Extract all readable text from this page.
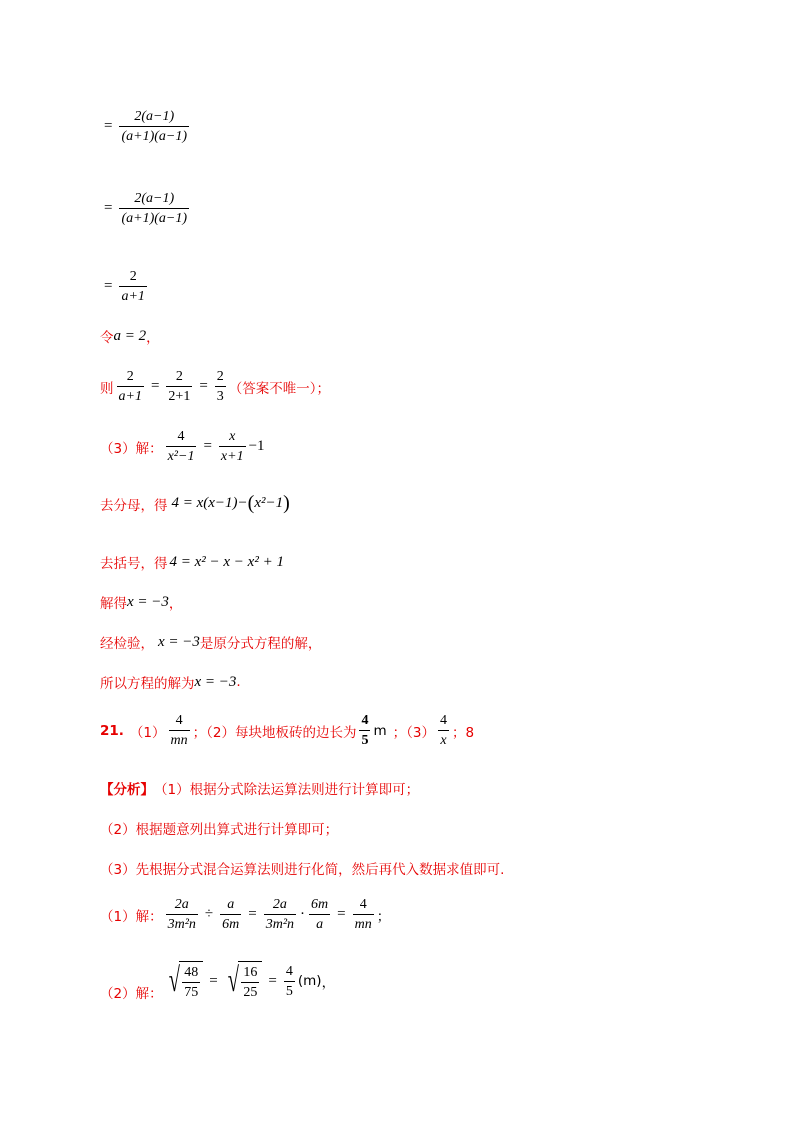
= $\frac{2(a-1)}{(a+1)(a-1)}$
= $\frac{2(a-1)}{(a+1)(a-1)}$
= $\frac{2}{a+1}$
令 a = 2 ，
则 $\frac{2}{a+1} = \frac{2}{2+1} = \frac{2}{3}$ （答案不唯一）；
（3）解： $\frac{4}{\text{x²−1}} = \frac{x}{x+1} -1$
去分母，得 4 = x(x−1)− ( x²−1 )
去括号，得 4 = x² − x − x² + 1
解得 x = −3 ，
经检验， x = −3 是原分式方程的解，
所以方程的解为 x = −3 .
21. $(1) \frac{4}{mn}$ ；（2）每块地板砖的边长为 $\frac{4}{5}$ m ；$(3) \frac{4}{x}$ ；8
【分析】 （1）根据分式除法运算法则进行计算即可；
（2）根据题意列出算式进行计算即可；
（3）先根据分式混合运算法则进行化简，然后再代入数据求值即可.
（1）解： $\frac{2a}{\text{3m²n}} \div \frac{a}{6m} = \frac{2a}{\text{3m²n}} \cdot \frac{6m}{a} = \frac{4}{mn}$ ；
（2）解： √ $\frac{48}{75}$ = √ $\frac{16}{25} = \frac{4}{5} (m)$ ，
